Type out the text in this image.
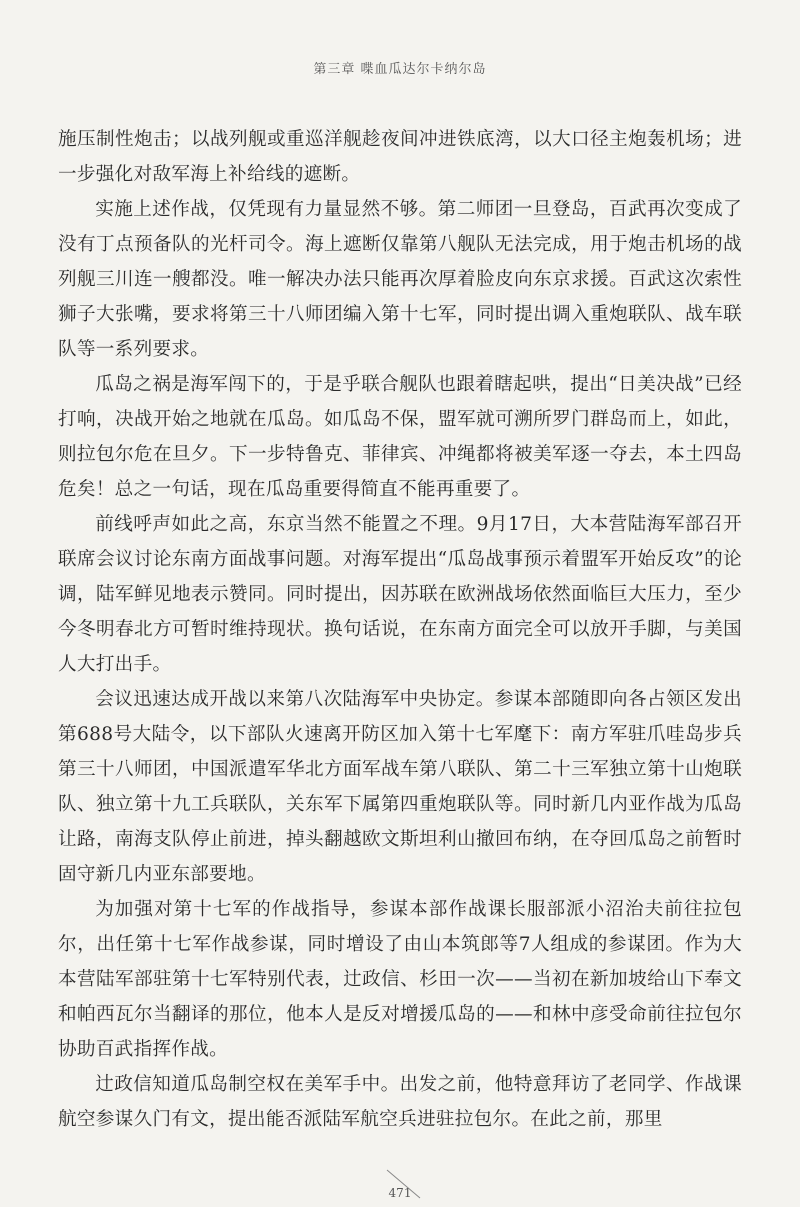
第三章 喋血瓜达尔卡纳尔岛

施压制性炮击；以战列舰或重巡洋舰趁夜间冲进铁底湾，以大口径主炮轰机场；进一步强化对敌军海上补给线的遮断。

实施上述作战，仅凭现有力量显然不够。第二师团一旦登岛，百武再次变成了没有丁点预备队的光杆司令。海上遮断仅靠第八舰队无法完成，用于炮击机场的战列舰三川连一艘都没。唯一解决办法只能再次厚着脸皮向东京求援。百武这次索性狮子大张嘴，要求将第三十八师团编入第十七军，同时提出调入重炮联队、战车联队等一系列要求。

瓜岛之祸是海军闯下的，于是乎联合舰队也跟着瞎起哄，提出“日美决战”已经打响，决战开始之地就在瓜岛。如瓜岛不保，盟军就可溯所罗门群岛而上，如此，则拉包尔危在旦夕。下一步特鲁克、菲律宾、冲绳都将被美军逐一夺去，本土四岛危矣！总之一句话，现在瓜岛重要得简直不能再重要了。

前线呼声如此之高，东京当然不能置之不理。9月17日，大本营陆海军部召开联席会议讨论东南方面战事问题。对海军提出“瓜岛战事预示着盟军开始反攻”的论调，陆军鲜见地表示赞同。同时提出，因苏联在欧洲战场依然面临巨大压力，至少今冬明春北方可暂时维持现状。换句话说，在东南方面完全可以放开手脚，与美国人大打出手。

会议迅速达成开战以来第八次陆海军中央协定。参谋本部随即向各占领区发出第688号大陆令，以下部队火速离开防区加入第十七军麾下：南方军驻爪哇岛步兵第三十八师团，中国派遣军华北方面军战车第八联队、第二十三军独立第十山炮联队、独立第十九工兵联队，关东军下属第四重炮联队等。同时新几内亚作战为瓜岛让路，南海支队停止前进，掉头翻越欧文斯坦利山撤回布纳，在夺回瓜岛之前暂时固守新几内亚东部要地。

为加强对第十七军的作战指导，参谋本部作战课长服部派小沼治夫前往拉包尔，出任第十七军作战参谋，同时增设了由山本筑郎等7人组成的参谋团。作为大本营陆军部驻第十七军特别代表，辻政信、杉田一次——当初在新加坡给山下奉文和帕西瓦尔当翻译的那位，他本人是反对增援瓜岛的——和林中彦受命前往拉包尔协助百武指挥作战。

辻政信知道瓜岛制空权在美军手中。出发之前，他特意拜访了老同学、作战课航空参谋久门有文，提出能否派陆军航空兵进驻拉包尔。在此之前，那里

471
